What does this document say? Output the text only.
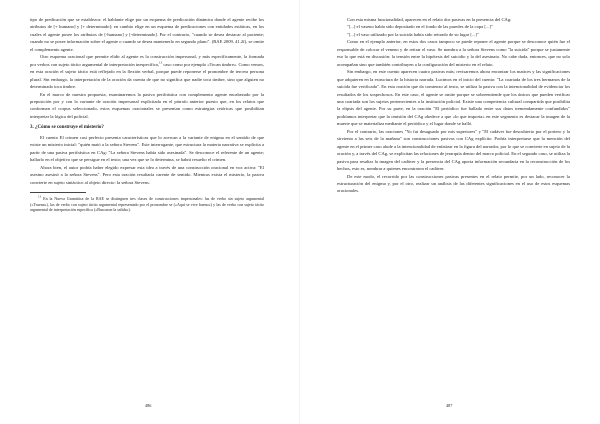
tipo de predicación que se establezca: el hablante elige por un esquema de predicación dinámica donde el agente recibe los atributos de [+ humano] y [+ determinado]; en cambio elige en un esquema de predicaciones con entidades estáticas, en los cuales el agente posee los atributos de [-humano] y [-determinado]. Por el contrario, "cuando se desea destacar al paciente; cuando no se posee información sobre el agente o cuando se desea mantenerlo en segundo plano". (RAE 2009, 41.2f), se omite el complemento agente.

Otro esquema oracional que permite elidir al agente es la construcción impersonal, y más específicamente, la formada por verbos con sujeto tácito argumental de interpretación inespecífica,$^{13}$ caso como por ejemplo «Tocan timbre». Como vemos, en esta oración el sujeto tácito está reflejado en la flexión verbal, porque puede reponerse el pronombre de tercera persona plural. Sin embargo, la interpretación de la oración da cuenta de que no significa que nadie toca timbre, sino que alguien no determinado toca timbre.

En el marco de nuestra propuesta, examinaremos la pasiva perifrástica con complemento agente encabezado por la preposición por y con la variante de oración impersonal explicitada en el párrafo anterior puesto que, en los relatos que conforman el corpus seleccionado, estos esquemas oracionales se presentan como estrategias retóricas que posibilitan interpretar la lógica del policial.

3. ¿Cómo se construye el misterio?

El cuento El crimen casi perfecto presenta características que lo acercan a la variante de enigma en el sentido de que existe un misterio inicial: "quién mató a la señora Stevens". Este interrogante, que estructura la materia narrativa se explicita a partir de una pasiva perifrástica en CAg: "La señora Stevens había sido asesinada". Se desconoce el referente de un agente; hallarlo en el objetivo que se persigue en el texto; una vez que se lo determina, se habrá resuelto el crimen.

Ahora bien, el autor podría haber elegido expresar esta idea a través de una construcción oracional en voz activa: "El asesino asesinó a la señora Stevens". Pero esta oración resultaría carente de sentido. Mientras exista el misterio, la pasiva convierte en sujeto sintáctico al objeto directo: la señora Stevens.

$^{13}$ En la Nueva Gramática de la RAE se distinguen tres clases de construcciones impersonales: las de verbo sin sujeto argumental («Truena»), las de verbo con sujeto tácito argumental representado por el pronombre se («Aquí se vive bueno») y las de verbo con sujeto tácito argumental de interpretación específica («Buscaron la salida»).

486

Con esta misma funcionalidad, aparecen en el relato dos pasivas en la presencia del CAg:

"[...] el vaseno había sido depositado en el fondo de las paredes de la copa [...]"

"[...] el vaso utilizado por la suicida había sido retirado de su lugar [...]"

Como en el ejemplo anterior, en estos dos casos tampoco se puede reponer el agente porque se desconoce quién fue el responsable de colocar el veneno y de retirar el vaso. Se nombra a la señora Stevens como "la suicida" porque se justamente eso lo que está en discusión: la tensión entre la hipótesis del suicidio y la del asesinato. No cabe duda, entonces, que no solo acompañan sino que también contribuyen a la configuración del misterio en el relato.

Sin embargo, en este cuento aparecen cuatro pasivas más; revisaremos ahora encontrar los matices y las significaciones que adquieren en la estructura de la historia narrada. Lucimos en el inicio del cuento: "La coartada de los tres hermanos de la suicida fue verificada". En esta oración que da comienzo al texto, se utiliza la pasiva con la intencionalidad de evidenciar los resultados de los sospechosos. En este caso, el agente se omite porque se sobreentiende que los únicos que pueden verificar una coartada son los sujetos pertenecientes a la institución policial. Existe una competencia cultural compartida que posibilita la elipsis del agente. Por su parte, en la oración "El periódico fue hallado entre sus datos tremendamente confundidos" podríamos interpretar que la omisión del CAg obedece a que «lo que importa» en este segmento es destacar la imagen de la muerte que se materializa mediante el periódico y el lugar donde se halló.

Por el contrario, las oraciones "Yo fui desaguado por mis superiores" y "El cadáver fue descubierto por el portero y la sirvienta a las seis de la mañana" son construcciones pasivas con CAg explícito. Podría interpretarse que la mención del agente en el primer caso alude a la intencionalidad de enfatizar en la figura del narrador, por lo que se convierte en sujeto de la oración y, a través del CAg, se explicitan las relaciones de jerarquía dentro del marco policial. En el segundo caso, se utiliza la pasiva para resaltar la imagen del cadáver y la presencia del CAg aporta información secundaria en la reconstrucción de los hechos, esto es, nombrar a quienes encontraron el cadáver.

De este modo, el recorrido por las construcciones pasivas presentes en el relato permite, por un lado, reconocer la estructuración del enigma y, por el otro, realizar un análisis de las diferentes significaciones en el uso de estos esquemas oracionales.

487
